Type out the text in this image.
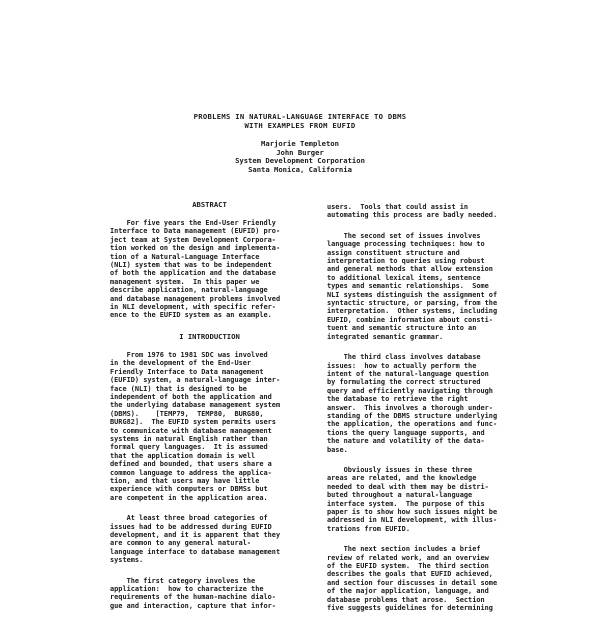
PROBLEMS IN NATURAL-LANGUAGE INTERFACE TO DBMS
WITH EXAMPLES FROM EUFID
Marjorie Templeton
John Burger
System Development Corporation
Santa Monica, California
ABSTRACT
For five years the End-User Friendly
Interface to Data management (EUFID) pro-
ject team at System Development Corpora-
tion worked on the design and implementa-
tion of a Natural-Language Interface
(NLI) system that was to be independent
of both the application and the database
management system.  In this paper we
describe application, natural-language
and database management problems involved
in NLI development, with specific refer-
ence to the EUFID system as an example.
I INTRODUCTION
From 1976 to 1981 SDC was involved
in the development of the End-User
Friendly Interface to Data management
(EUFID) system, a natural-language inter-
face (NLI) that is designed to be
independent of both the application and
the underlying database management system
(DBMS).    [TEMP79,  TEMP80,  BURG80,
BURG82].  The EUFID system permits users
to communicate with database management
systems in natural English rather than
formal query languages.  It is assumed
that the application domain is well
defined and bounded, that users share a
common language to address the applica-
tion, and that users may have little
experience with computers or DBMSs but
are competent in the application area.
At least three broad categories of
issues had to be addressed during EUFID
development, and it is apparent that they
are common to any general natural-
language interface to database management
systems.
The first category involves the
application:  how to characterize the
requirements of the human-machine dialo-
gue and interaction, capture that infor-
users.  Tools that could assist in
automating this process are badly needed.
The second set of issues involves
language processing techniques: how to
assign constituent structure and
interpretation to queries using robust
and general methods that allow extension
to additional lexical items, sentence
types and semantic relationships.  Some
NLI systems distinguish the assignment of
syntactic structure, or parsing, from the
interpretation.  Other systems, including
EUFID, combine information about consti-
tuent and semantic structure into an
integrated semantic grammar.
The third class involves database
issues:  how to actually perform the
intent of the natural-language question
by formulating the correct structured
query and efficiently navigating through
the database to retrieve the right
answer.  This involves a thorough under-
standing of the DBMS structure underlying
the application, the operations and func-
tions the query language supports, and
the nature and volatility of the data-
base.
Obviously issues in these three
areas are related, and the knowledge
needed to deal with them may be distri-
buted throughout a natural-language
interface system.  The purpose of this
paper is to show how such issues might be
addressed in NLI development, with illus-
trations from EUFID.
The next section includes a brief
review of related work, and an overview
of the EUFID system.  The third section
describes the goals that EUFID achieved,
and section four discusses in detail some
of the major application, language, and
database problems that arose.  Section
five suggests guidelines for determining
